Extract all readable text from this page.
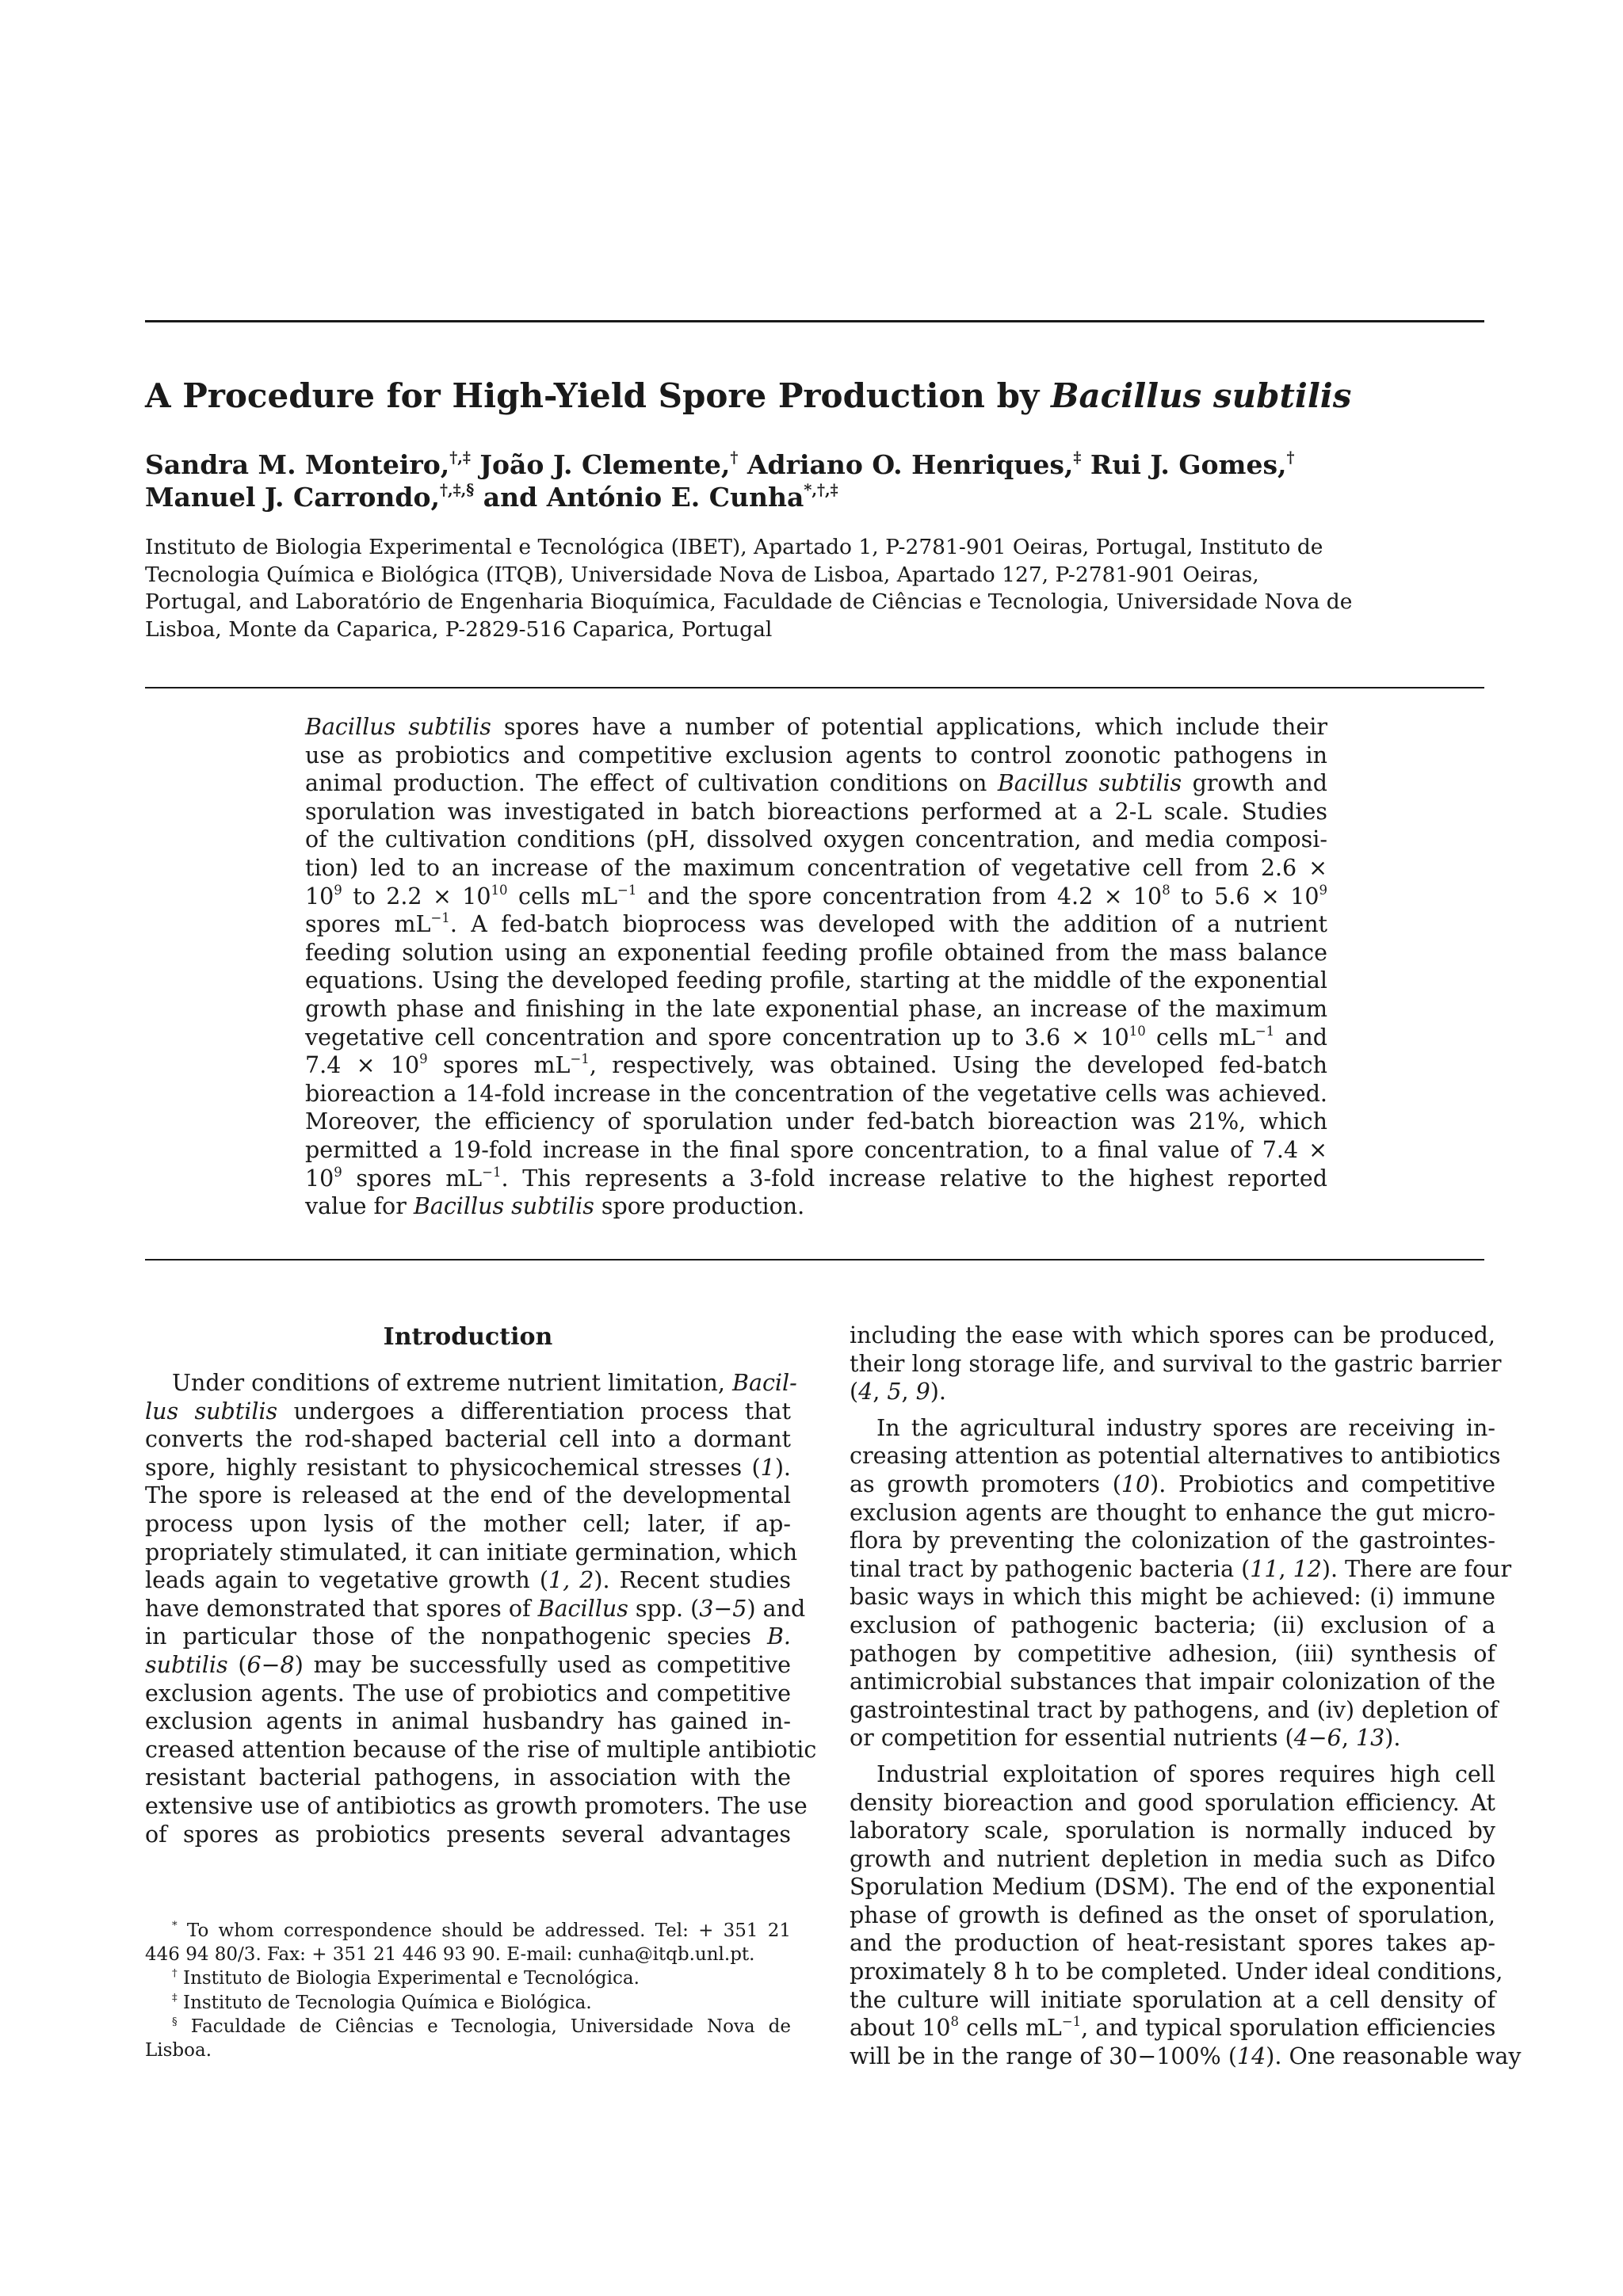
A Procedure for High-Yield Spore Production by Bacillus subtilis
Sandra M. Monteiro,†,‡ João J. Clemente,† Adriano O. Henriques,‡ Rui J. Gomes,†
Manuel J. Carrondo,†,‡,§ and António E. Cunha*,†,‡
Instituto de Biologia Experimental e Tecnológica (IBET), Apartado 1, P-2781-901 Oeiras, Portugal, Instituto de
Tecnologia Química e Biológica (ITQB), Universidade Nova de Lisboa, Apartado 127, P-2781-901 Oeiras,
Portugal, and Laboratório de Engenharia Bioquímica, Faculdade de Ciências e Tecnologia, Universidade Nova de
Lisboa, Monte da Caparica, P-2829-516 Caparica, Portugal
Bacillus subtilis spores have a number of potential applications, which include their
use as probiotics and competitive exclusion agents to control zoonotic pathogens in
animal production. The effect of cultivation conditions on Bacillus subtilis growth and
sporulation was investigated in batch bioreactions performed at a 2-L scale. Studies
of the cultivation conditions (pH, dissolved oxygen concentration, and media composi-
tion) led to an increase of the maximum concentration of vegetative cell from 2.6 ×
$10^9$ to $2.2 \times 10^{10}$ cells $mL^{-1}$ and the spore concentration from $4.2 \times 10^8$ to $5.6 \times 10^9$
spores $mL^{-1}$. A fed-batch bioprocess was developed with the addition of a nutrient
feeding solution using an exponential feeding profile obtained from the mass balance
equations. Using the developed feeding profile, starting at the middle of the exponential
growth phase and finishing in the late exponential phase, an increase of the maximum
vegetative cell concentration and spore concentration up to $3.6 \times 10^{10}$ cells $mL^{-1}$ and
$7.4 \times 10^9$ spores $mL^{-1}$, respectively, was obtained. Using the developed fed-batch
bioreaction a 14-fold increase in the concentration of the vegetative cells was achieved.
Moreover, the efficiency of sporulation under fed-batch bioreaction was 21%, which
permitted a 19-fold increase in the final spore concentration, to a final value of 7.4 ×
$10^9$ spores $mL^{-1}$. This represents a 3-fold increase relative to the highest reported
value for Bacillus subtilis spore production.
Introduction
Under conditions of extreme nutrient limitation, Bacil-
lus subtilis undergoes a differentiation process that
converts the rod-shaped bacterial cell into a dormant
spore, highly resistant to physicochemical stresses (1).
The spore is released at the end of the developmental
process upon lysis of the mother cell; later, if ap-
propriately stimulated, it can initiate germination, which
leads again to vegetative growth (1, 2). Recent studies
have demonstrated that spores of Bacillus spp. (3−5) and
in particular those of the nonpathogenic species B.
subtilis (6−8) may be successfully used as competitive
exclusion agents. The use of probiotics and competitive
exclusion agents in animal husbandry has gained in-
creased attention because of the rise of multiple antibiotic
resistant bacterial pathogens, in association with the
extensive use of antibiotics as growth promoters. The use
of spores as probiotics presents several advantages
* To whom correspondence should be addressed. Tel: + 351 21
446 94 80/3. Fax: + 351 21 446 93 90. E-mail: cunha@itqb.unl.pt.
† Instituto de Biologia Experimental e Tecnológica.
‡ Instituto de Tecnologia Química e Biológica.
§ Faculdade de Ciências e Tecnologia, Universidade Nova de
Lisboa.
including the ease with which spores can be produced,
their long storage life, and survival to the gastric barrier
(4, 5, 9).
In the agricultural industry spores are receiving in-
creasing attention as potential alternatives to antibiotics
as growth promoters (10). Probiotics and competitive
exclusion agents are thought to enhance the gut micro-
flora by preventing the colonization of the gastrointes-
tinal tract by pathogenic bacteria (11, 12). There are four
basic ways in which this might be achieved: (i) immune
exclusion of pathogenic bacteria; (ii) exclusion of a
pathogen by competitive adhesion, (iii) synthesis of
antimicrobial substances that impair colonization of the
gastrointestinal tract by pathogens, and (iv) depletion of
or competition for essential nutrients (4−6, 13).
Industrial exploitation of spores requires high cell
density bioreaction and good sporulation efficiency. At
laboratory scale, sporulation is normally induced by
growth and nutrient depletion in media such as Difco
Sporulation Medium (DSM). The end of the exponential
phase of growth is defined as the onset of sporulation,
and the production of heat-resistant spores takes ap-
proximately 8 h to be completed. Under ideal conditions,
the culture will initiate sporulation at a cell density of
about $10^8$ cells $mL^{-1}$, and typical sporulation efficiencies
will be in the range of 30−100% (14). One reasonable way
